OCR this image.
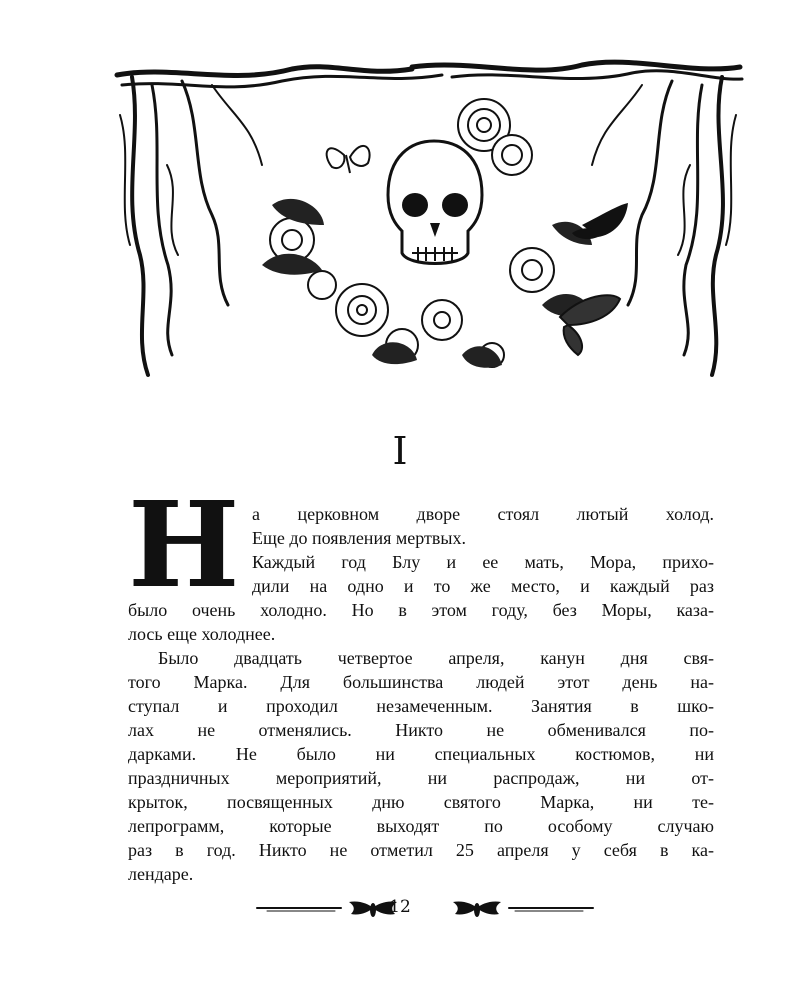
I
Н а церковном дворе стоял лютый холод.
Еще до появления мертвых.
Каждый год Блу и ее мать, Мора, прихо-
дили на одно и то же место, и каждый раз
было очень холодно. Но в этом году, без Моры, каза-
лось еще холоднее.
Было двадцать четвертое апреля, канун дня свя-
того Марка. Для большинства людей этот день на-
ступал и проходил незамеченным. Занятия в шко-
лах не отменялись. Никто не обменивался по-
дарками. Не было ни специальных костюмов, ни
праздничных мероприятий, ни распродаж, ни от-
крыток, посвященных дню святого Марка, ни те-
лепрограмм, которые выходят по особому случаю
раз в год. Никто не отметил 25 апреля у себя в ка-
лендаре.
12
